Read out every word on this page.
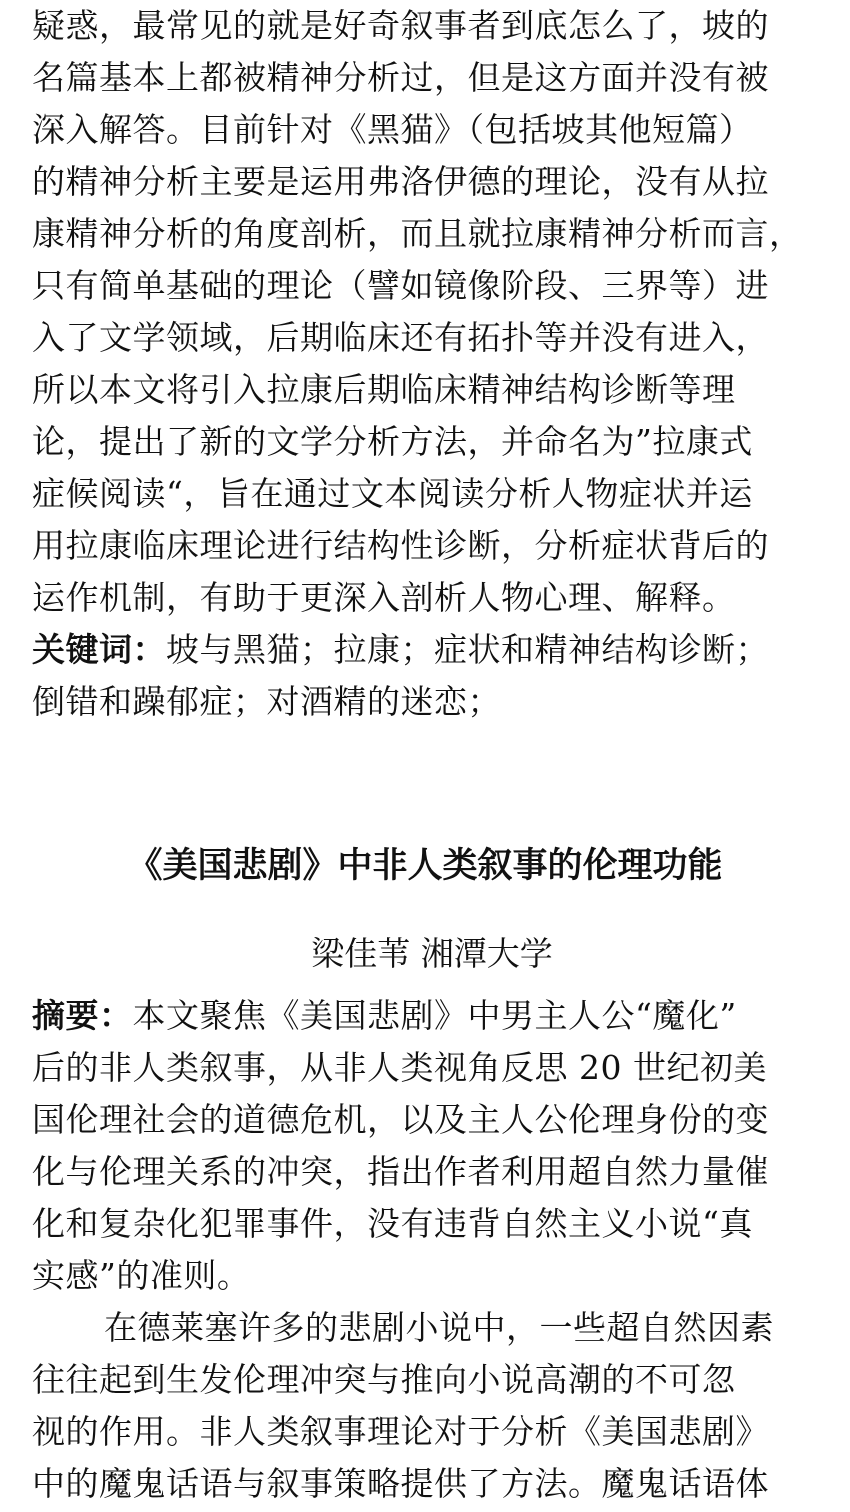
疑惑，最常见的就是好奇叙事者到底怎么了，坡的
名篇基本上都被精神分析过，但是这方面并没有被
深入解答。目前针对《黑猫》（包括坡其他短篇）
的精神分析主要是运用弗洛伊德的理论，没有从拉
康精神分析的角度剖析，而且就拉康精神分析而言，
只有简单基础的理论（譬如镜像阶段、三界等）进
入了文学领域，后期临床还有拓扑等并没有进入，
所以本文将引入拉康后期临床精神结构诊断等理
论，提出了新的文学分析方法，并命名为”拉康式
症候阅读“，旨在通过文本阅读分析人物症状并运
用拉康临床理论进行结构性诊断，分析症状背后的
运作机制，有助于更深入剖析人物心理、解释。
关键词：坡与黑猫；拉康；症状和精神结构诊断；
倒错和躁郁症；对酒精的迷恋；
《美国悲剧》中非人类叙事的伦理功能
梁佳苇 湘潭大学
摘要：本文聚焦《美国悲剧》中男主人公“魔化”
后的非人类叙事，从非人类视角反思 20 世纪初美
国伦理社会的道德危机，以及主人公伦理身份的变
化与伦理关系的冲突，指出作者利用超自然力量催
化和复杂化犯罪事件，没有违背自然主义小说“真
实感”的准则。
在德莱塞许多的悲剧小说中，一些超自然因素
往往起到生发伦理冲突与推向小说高潮的不可忽
视的作用。非人类叙事理论对于分析《美国悲剧》
中的魔鬼话语与叙事策略提供了方法。魔鬼话语体
